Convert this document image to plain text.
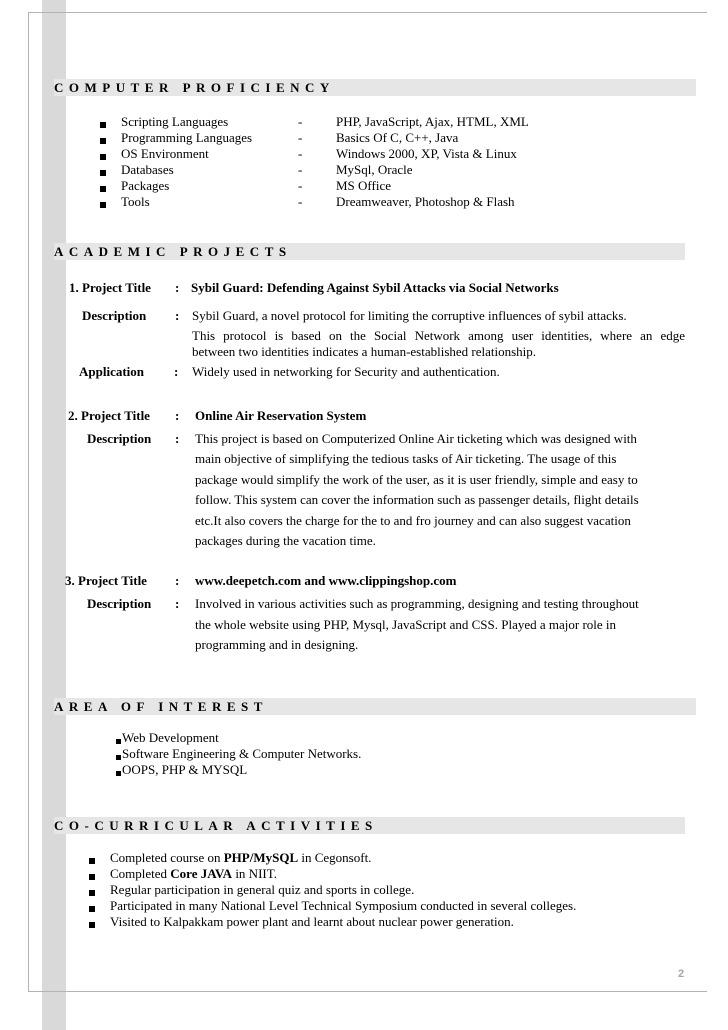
COMPUTER PROFICIENCY
Scripting Languages	-	PHP, JavaScript, Ajax, HTML, XML
Programming Languages	-	Basics Of C, C++, Java
OS Environment	-	Windows 2000, XP, Vista & Linux
Databases	-	MySql, Oracle
Packages	-	MS Office
Tools	-	Dreamweaver, Photoshop & Flash
ACADEMIC PROJECTS
1. Project Title : Sybil Guard: Defending Against Sybil Attacks via Social Networks
Description : Sybil Guard, a novel protocol for limiting the corruptive influences of sybil attacks.
This protocol is based on the Social Network among user identities, where an edge
between two identities indicates a human-established relationship.
Application : Widely used in networking for Security and authentication.
2. Project Title : Online Air Reservation System
Description : This project is based on Computerized Online Air ticketing which was designed with
main objective of simplifying the tedious tasks of Air ticketing. The usage of this
package would simplify the work of the user, as it is user friendly, simple and easy to
follow. This system can cover the information such as passenger details, flight details
etc.It also covers the charge for the to and fro journey and can also suggest vacation
packages during the vacation time.
3. Project Title : www.deepetch.com and www.clippingshop.com
Description : Involved in various activities such as programming, designing and testing throughout
the whole website using PHP, Mysql, JavaScript and CSS. Played a major role in
programming and in designing.
AREA OF INTEREST
Web Development
Software Engineering & Computer Networks.
OOPS, PHP & MYSQL
CO-CURRICULAR ACTIVITIES
Completed course on PHP/MySQL in Cegonsoft.
Completed Core JAVA in NIIT.
Regular participation in general quiz and sports in college.
Participated in many National Level Technical Symposium conducted in several colleges.
Visited to Kalpakkam power plant and learnt about nuclear power generation.
2
